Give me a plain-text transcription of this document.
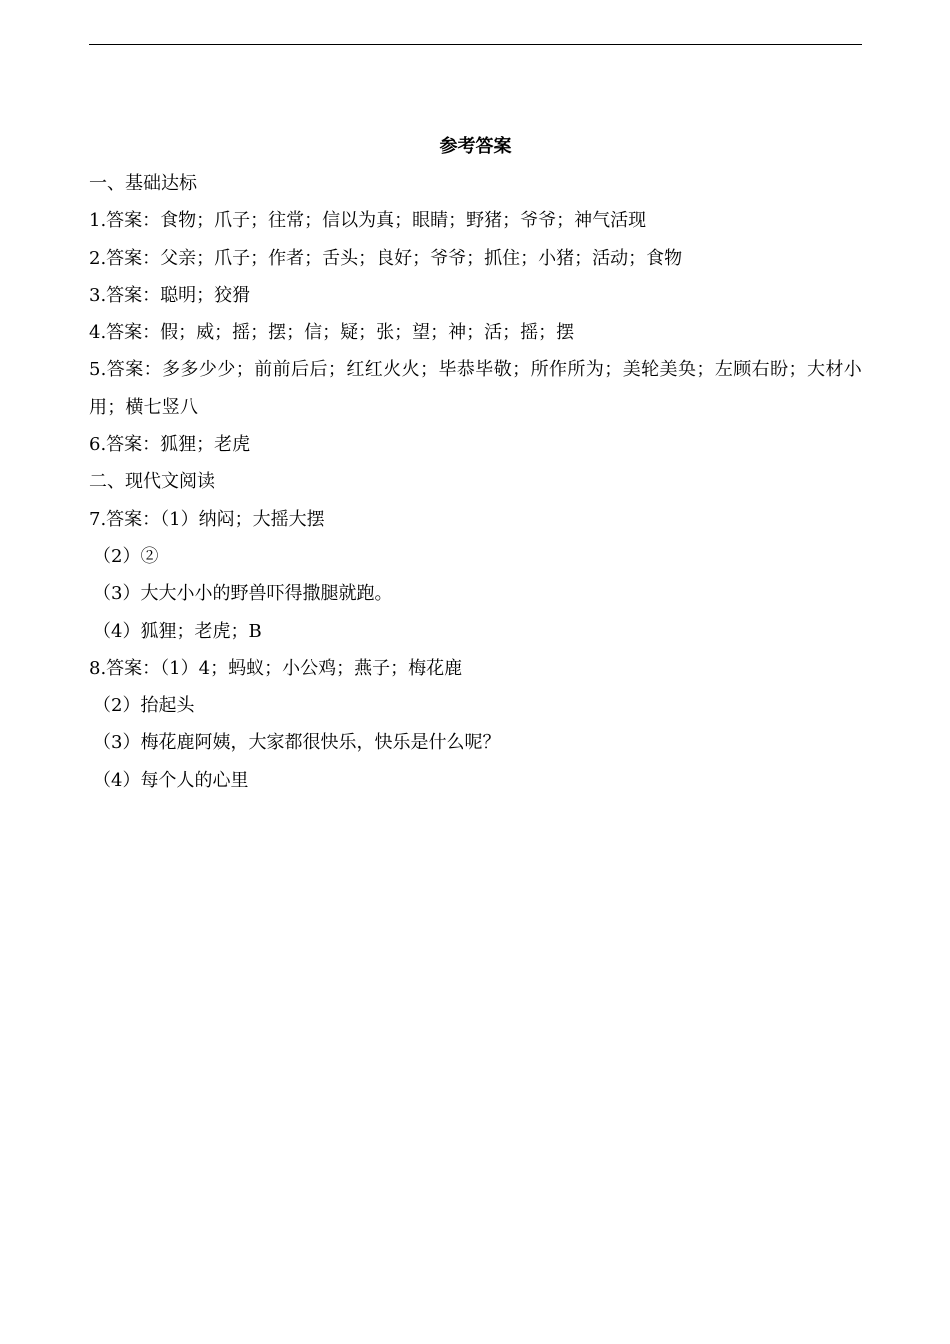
参考答案

一、基础达标

1.答案：食物；爪子；往常；信以为真；眼睛；野猪；爷爷；神气活现

2.答案：父亲；爪子；作者；舌头；良好；爷爷；抓住；小猪；活动；食物

3.答案：聪明；狡猾

4.答案：假；威；摇；摆；信；疑；张；望；神；活；摇；摆

5.答案：多多少少；前前后后；红红火火；毕恭毕敬；所作所为；美轮美奂；左顾右盼；大材小用；横七竖八

6.答案：狐狸；老虎

二、现代文阅读

7.答案：（1）纳闷；大摇大摆

（2）②

（3）大大小小的野兽吓得撒腿就跑。

（4）狐狸；老虎；B

8.答案：（1）4；蚂蚁；小公鸡；燕子；梅花鹿

（2）抬起头

（3）梅花鹿阿姨，大家都很快乐，快乐是什么呢？

（4）每个人的心里
